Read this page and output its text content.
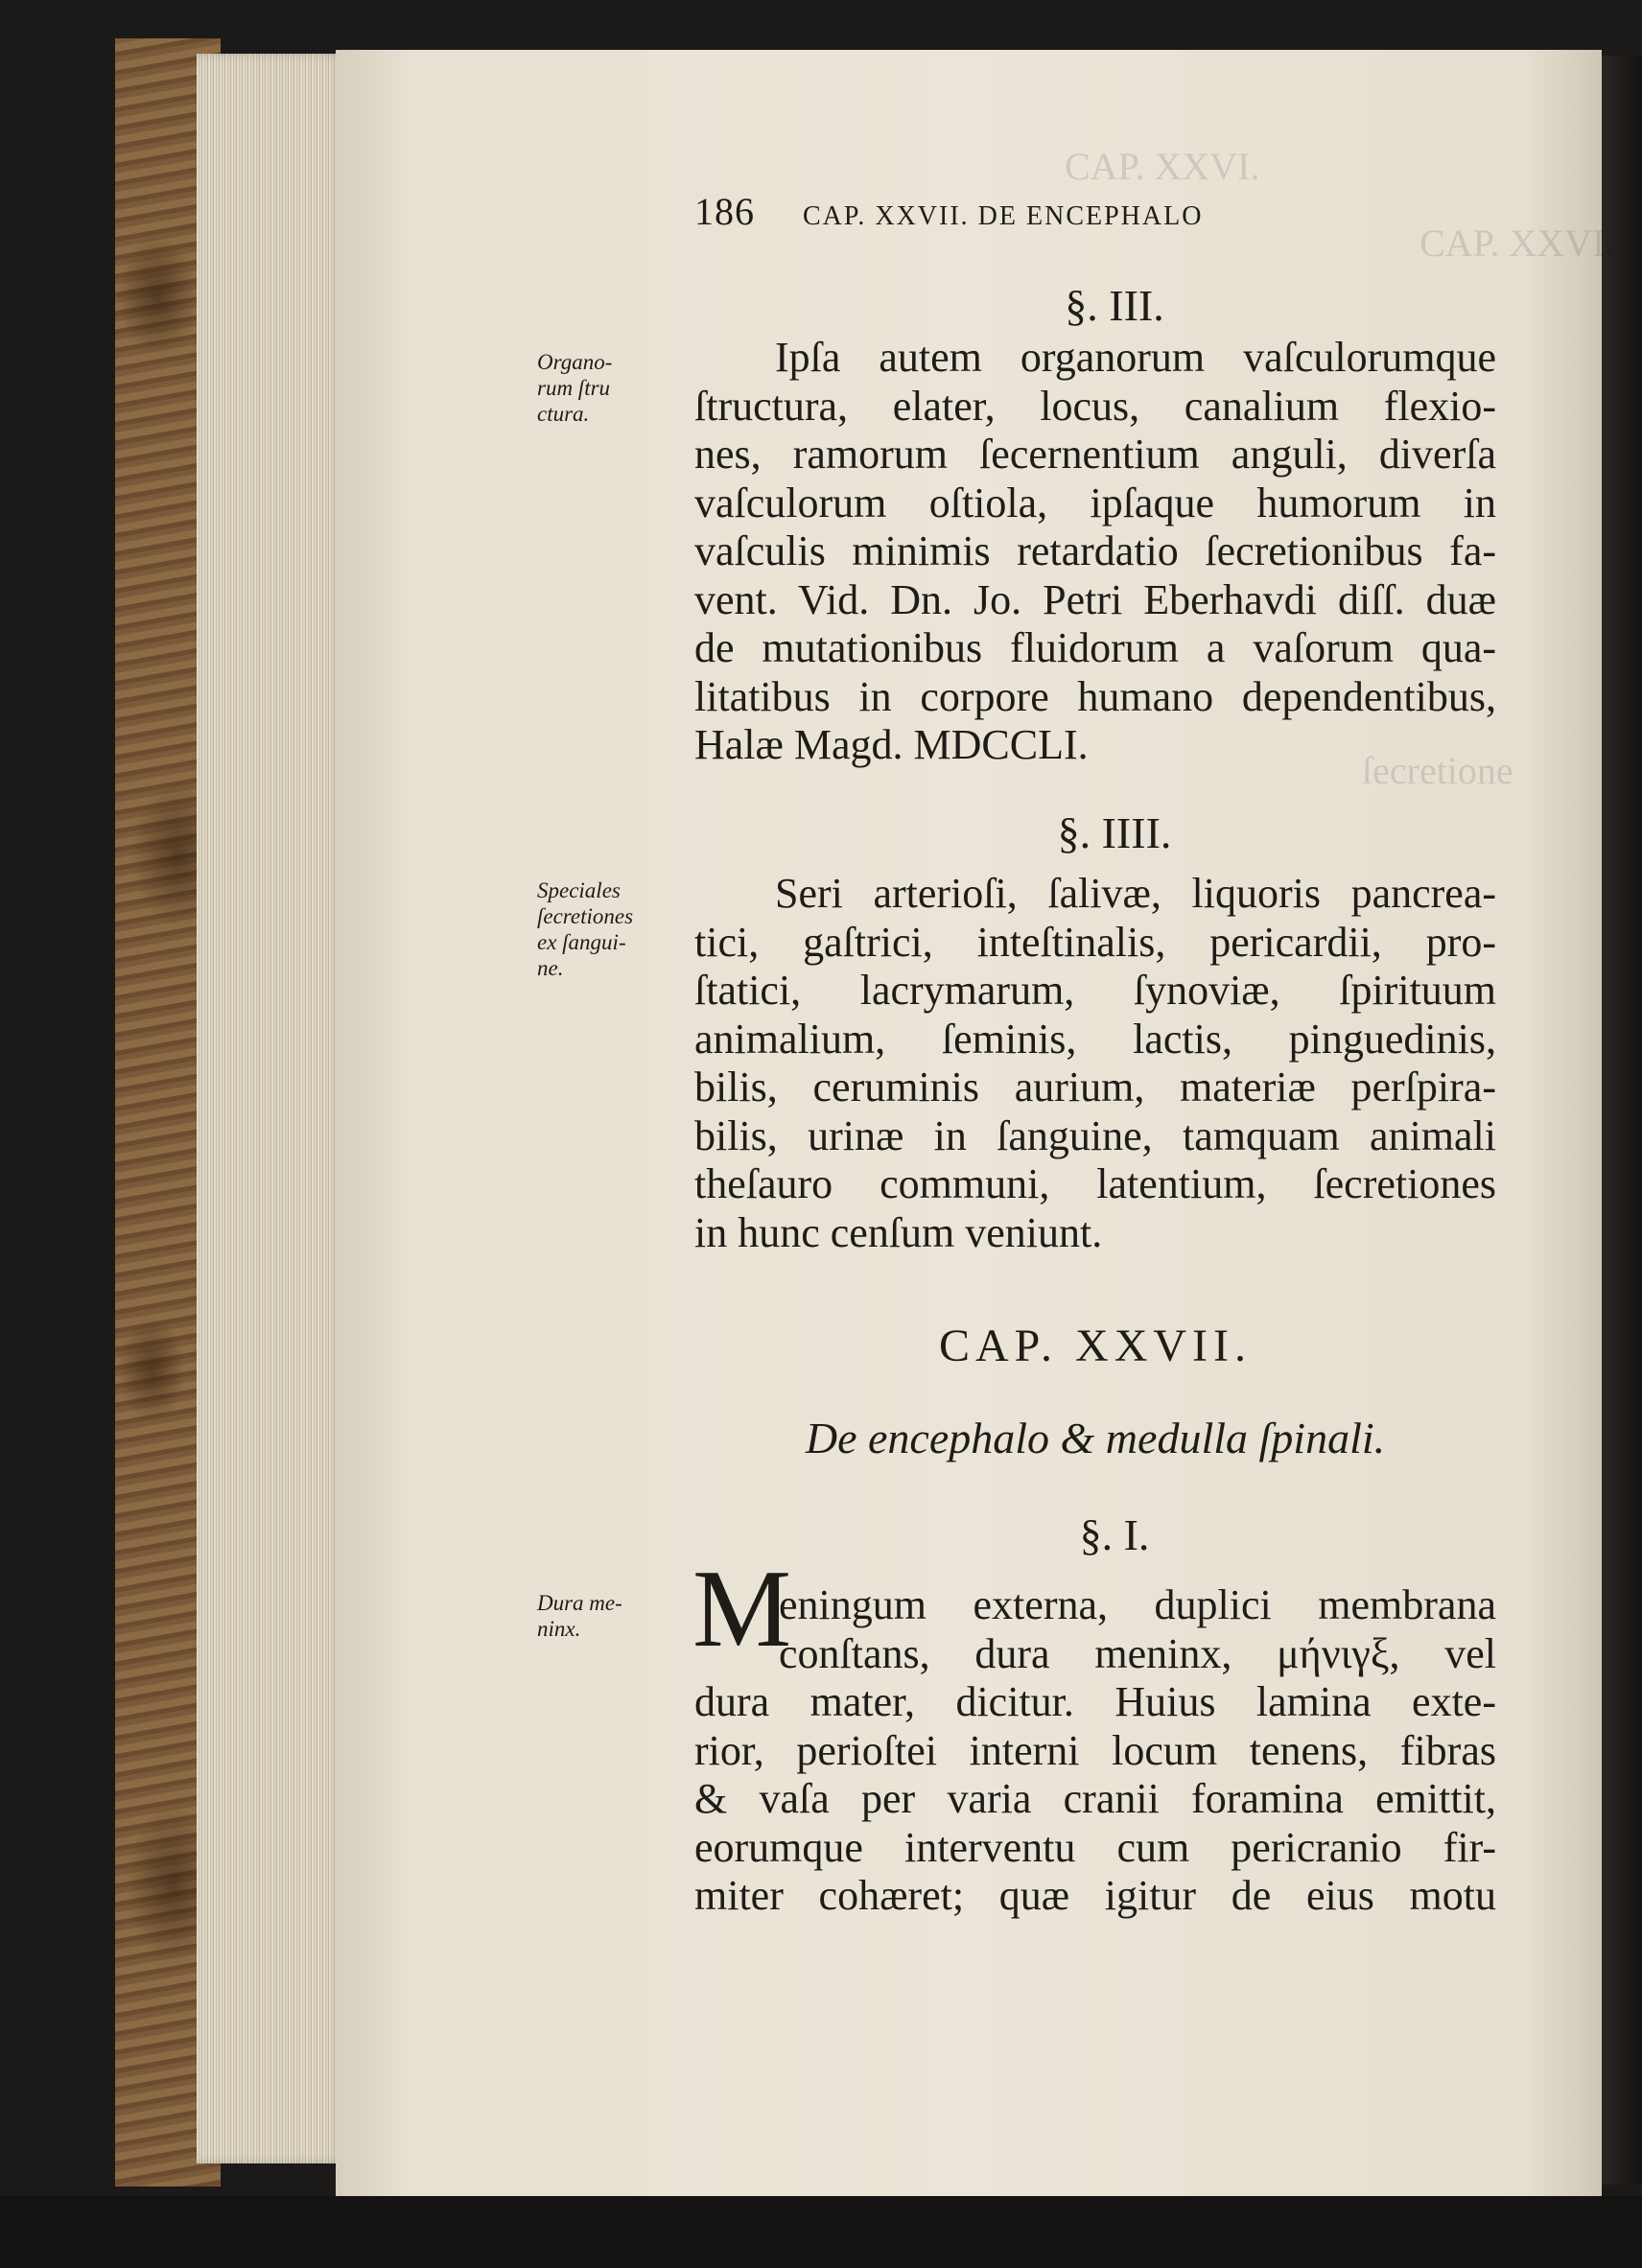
CAP. XXVI.
CAP. XXVI.
ſecretione
186 CAP. XXVII. DE ENCEPHALO
§. III.
Organo-
rum ſtru
ctura.
Ipſa autem organorum vaſculorumque
ſtructura, elater, locus, canalium flexio-
nes, ramorum ſecernentium anguli, diverſa
vaſculorum oſtiola, ipſaque humorum in
vaſculis minimis retardatio ſecretionibus fa-
vent. Vid. Dn. Jo. Petri Eberhavdi diſſ. duæ
de mutationibus fluidorum a vaſorum qua-
litatibus in corpore humano dependentibus,
Halæ Magd. MDCCLI.
§. IIII.
Speciales
ſecretiones
ex ſangui-
ne.
Seri arterioſi, ſalivæ, liquoris pancrea-
tici, gaſtrici, inteſtinalis, pericardii, pro-
ſtatici, lacrymarum, ſynoviæ, ſpirituum
animalium, ſeminis, lactis, pinguedinis,
bilis, ceruminis aurium, materiæ perſpira-
bilis, urinæ in ſanguine, tamquam animali
theſauro communi, latentium, ſecretiones
in hunc cenſum veniunt.
CAP. XXVII.
De encephalo & medulla ſpinali.
§. I.
Dura me-
ninx.	M
eningum externa, duplici membrana
conſtans, dura meninx, μήνιγξ, vel
dura mater, dicitur. Huius lamina exte-
rior, perioſtei interni locum tenens, fibras
& vaſa per varia cranii foramina emittit,
eorumque interventu cum pericranio fir-
miter cohæret; quæ igitur de eius motu
